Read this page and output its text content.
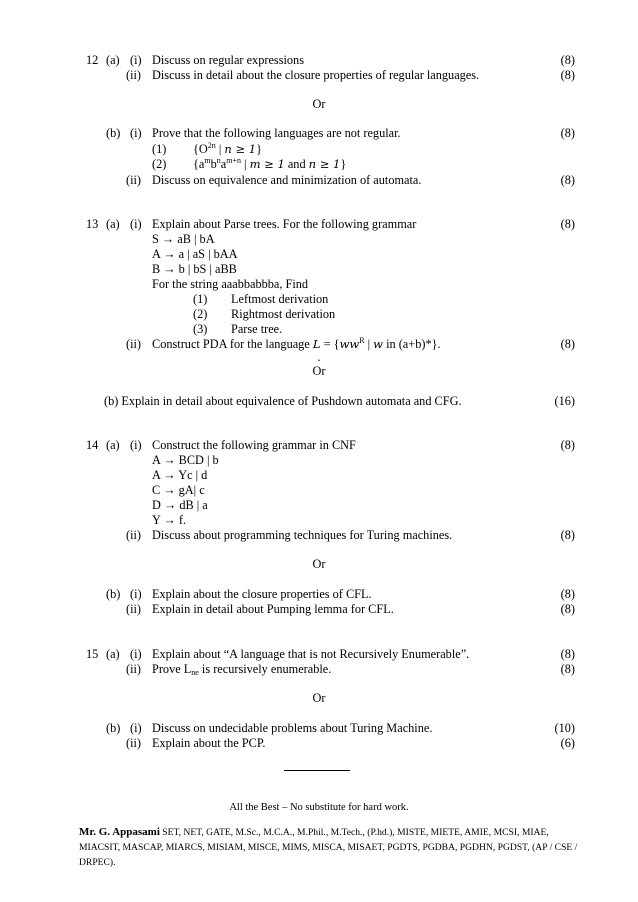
12 (a) (i) Discuss on regular expressions	(8)
(ii) Discuss in detail about the closure properties of regular languages.	(8)
Or
(b) (i) Prove that the following languages are not regular.	(8)
(1) {$O^{2n}$ | n ≥ 1}
(2) {$a^mb^na^{m+n}$ | m ≥ 1 and n ≥ 1}
(ii) Discuss on equivalence and minimization of automata.	(8)
13 (a) (i) Explain about Parse trees. For the following grammar	(8)
S → aB | bA
A → a | aS | bAA
B → b | bS | aBB
For the string aaabbabbba, Find
(1) Leftmost derivation
(2) Rightmost derivation
(3) Parse tree.
(ii) Construct PDA for the language $L = \{ww^R$ | w in (a+b)*}.	(8)
.
Or
(b) Explain in detail about equivalence of Pushdown automata and CFG.	(16)
14 (a) (i) Construct the following grammar in CNF	(8)
A → BCD | b
A → Yc | d
C → gA| c
D → dB | a
Y → f.
(ii) Discuss about programming techniques for Turing machines.	(8)
Or
(b) (i) Explain about the closure properties of CFL.	(8)
(ii) Explain in detail about Pumping lemma for CFL.	(8)
15 (a) (i) Explain about “A language that is not Recursively Enumerable”.	(8)
(ii) Prove $L_{ne}$ is recursively enumerable.	(8)
Or
(b) (i) Discuss on undecidable problems about Turing Machine.	(10)
(ii) Explain about the PCP.	(6)
All the Best – No substitute for hard work.
Mr. G. Appasami SET, NET, GATE, M.Sc., M.C.A., M.Phil., M.Tech., (P.hd.), MISTE, MIETE, AMIE, MCSI, MIAE, MIACSIT, MASCAP, MIARCS, MISIAM, MISCE, MIMS, MISCA, MISAET, PGDTS, PGDBA, PGDHN, PGDST, (AP / CSE / DRPEC).
